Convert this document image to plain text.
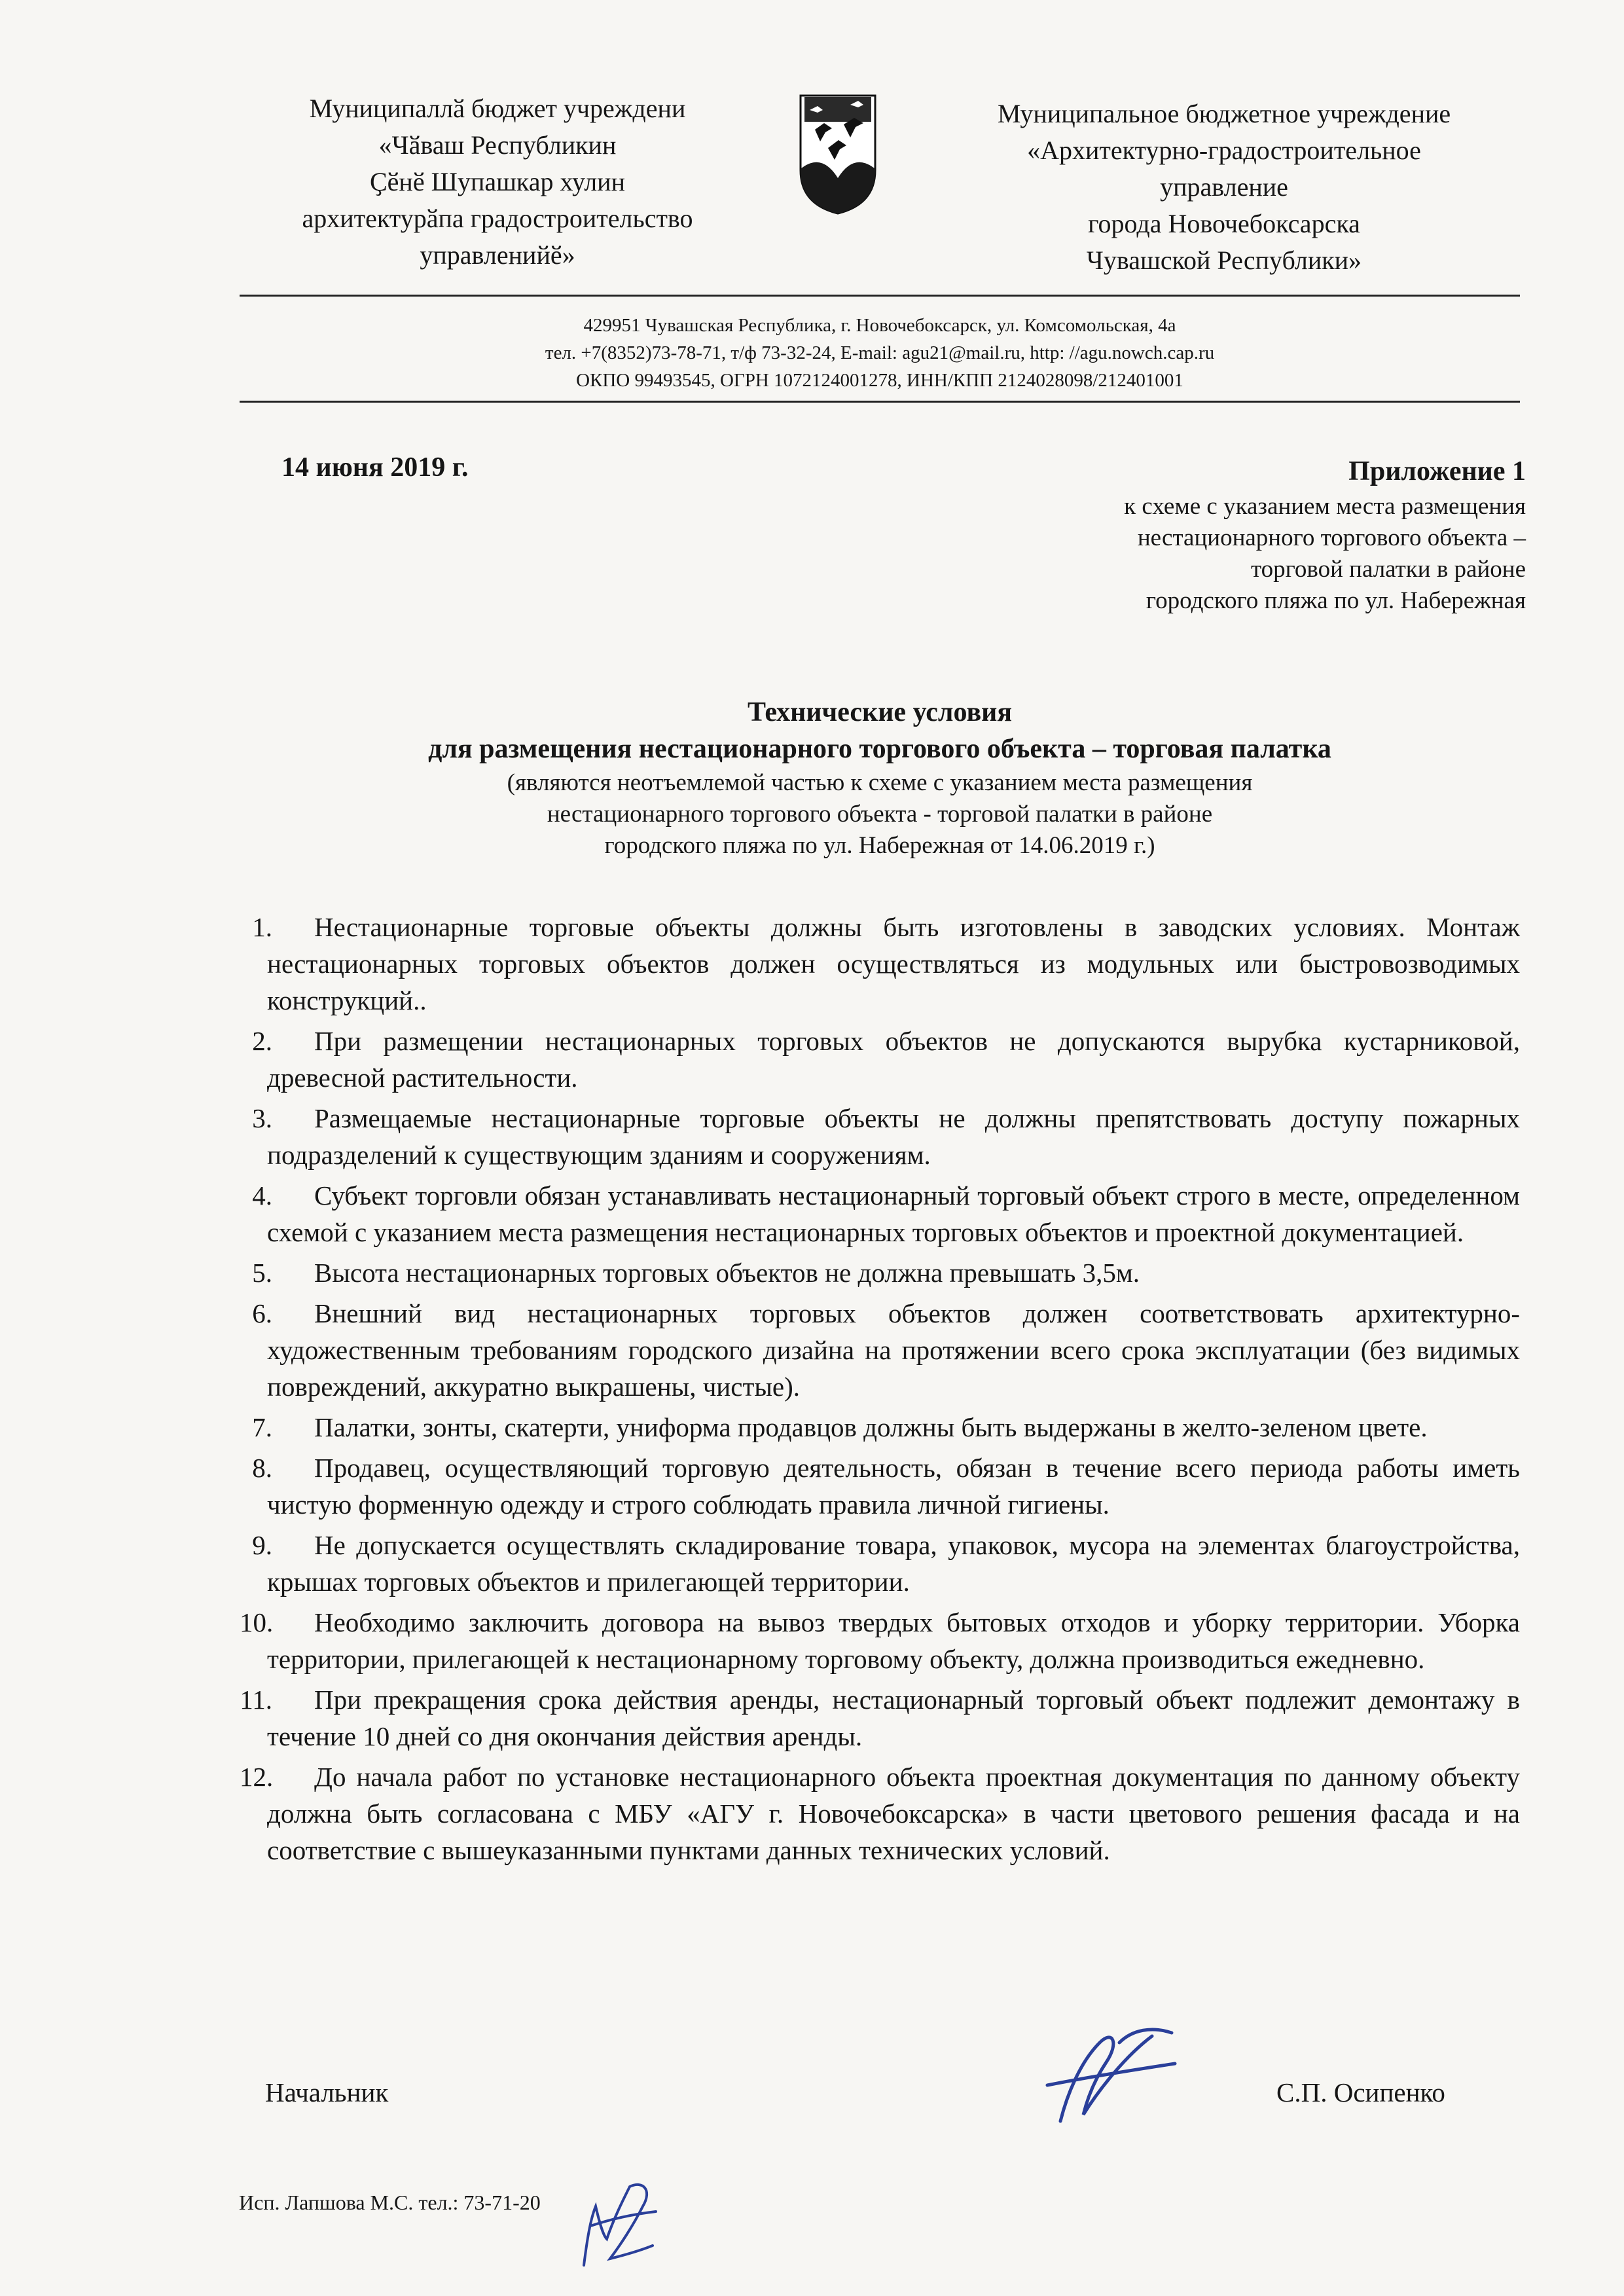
Муниципаллӑ бюджет учреждени
«Чӑваш Республикин
Ҫӗнӗ Шупашкар хулин
архитектурӑпа градостроительство
управленийӗ»
Муниципальное бюджетное учреждение
«Архитектурно-градостроительное
управление
города Новочебоксарска
Чувашской Республики»
429951 Чувашская Республика, г. Новочебоксарск, ул. Комсомольская, 4а
тел. +7(8352)73-78-71, т/ф 73-32-24, E-mail: agu21@mail.ru, http: //agu.nowch.cap.ru
ОКПО 99493545, ОГРН 1072124001278, ИНН/КПП 2124028098/212401001
14 июня 2019 г.	Приложение 1
к схеме с указанием места размещения
нестационарного торгового объекта –
торговой палатки в районе
городского пляжа по ул. Набережная
Технические условия
для размещения нестационарного торгового объекта – торговая палатка
(являются неотъемлемой частью к схеме с указанием места размещения
нестационарного торгового объекта - торговой палатки в районе
городского пляжа по ул. Набережная от 14.06.2019 г.)
1.	Нестационарные торговые объекты должны быть изготовлены в заводских условиях. Монтаж нестационарных торговых объектов должен осуществляться из модульных или быстровозводимых конструкций..
2.	При размещении нестационарных торговых объектов не допускаются вырубка кустарниковой, древесной растительности.
3.	Размещаемые нестационарные торговые объекты не должны препятствовать доступу пожарных подразделений к существующим зданиям и сооружениям.
4.	Субъект торговли обязан устанавливать нестационарный торговый объект строго в месте, определенном схемой с указанием места размещения нестационарных торговых объектов и проектной документацией.
5.	Высота нестационарных торговых объектов не должна превышать 3,5м.
6.	Внешний вид нестационарных торговых объектов должен соответствовать архитектурно-художественным требованиям городского дизайна на протяжении всего срока эксплуатации (без видимых повреждений, аккуратно выкрашены, чистые).
7.	Палатки, зонты, скатерти, униформа продавцов должны быть выдержаны в желто-зеленом цвете.
8.	Продавец, осуществляющий торговую деятельность, обязан в течение всего периода работы иметь чистую форменную одежду и строго соблюдать правила личной гигиены.
9.	Не допускается осуществлять складирование товара, упаковок, мусора на элементах благоустройства, крышах торговых объектов и прилегающей территории.
10.	Необходимо заключить договора на вывоз твердых бытовых отходов и уборку территории. Уборка территории, прилегающей к нестационарному торговому объекту, должна производиться ежедневно.
11.	При прекращения срока действия аренды, нестационарный торговый объект подлежит демонтажу в течение 10 дней со дня окончания действия аренды.
12.	До начала работ по установке нестационарного объекта проектная документация по данному объекту должна быть согласована с МБУ «АГУ г. Новочебоксарска» в части цветового решения фасада и на соответствие с вышеуказанными пунктами данных технических условий.
Начальник	С.П. Осипенко
Исп. Лапшова М.С. тел.: 73-71-20
